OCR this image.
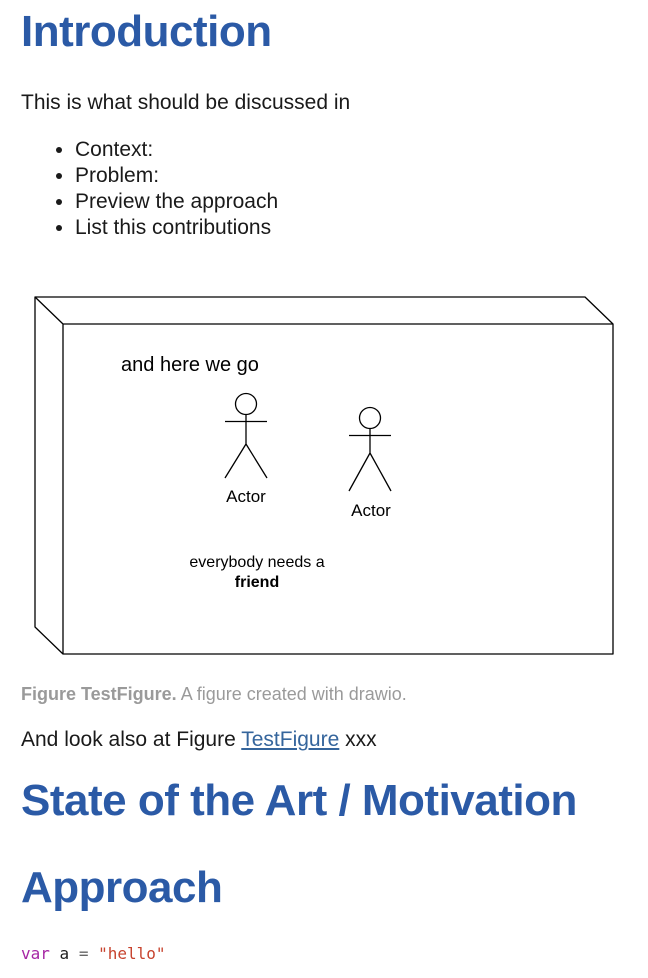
Introduction

This is what should be discussed in

• Context:
• Problem:
• Preview the approach
• List this contributions
and here we go
Actor
Actor
everybody needs a
friend

Figure TestFigure. A figure created with drawio.

And look also at Figure TestFigure xxx

State of the Art / Motivation
Approach
var a = "hello"
